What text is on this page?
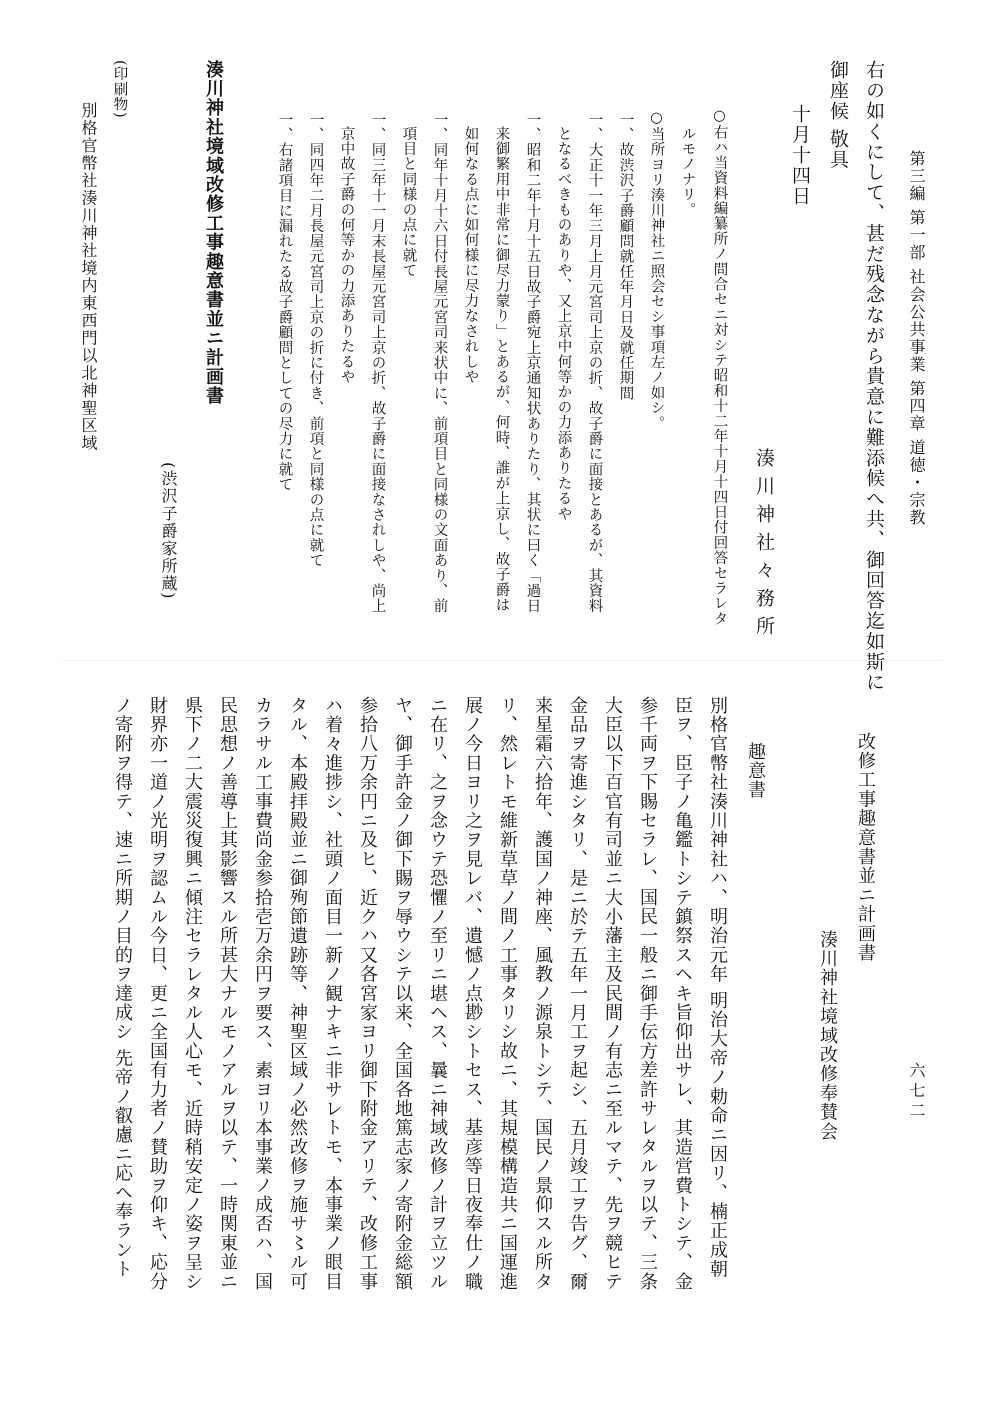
第三編 第一部 社会公共事業 第四章 道徳・宗教
六七二
右の如くにして、甚だ残念ながら貴意に難添候へ共、御回答迄如斯に
御座候 敬具
十月十四日
湊川神社々務所
○右ハ当資料編纂所ノ問合セニ対シテ昭和十二年十月十四日付回答セラレタ
ルモノナリ。
○当所ヨリ湊川神社ニ照会セシ事項左ノ如シ。
一、故渋沢子爵顧問就任年月日及就任期間
一、大正十一年三月上月元宮司上京の折、故子爵に面接とあるが、其資料
となるべきものありや、又上京中何等かの力添ありたるや
一、昭和二年十月十五日故子爵宛上京通知状ありたり、其状に曰く「過日
来御繁用中非常に御尽力蒙り」とあるが、何時、誰が上京し、故子爵は
如何なる点に如何様に尽力なされしや
一、同年十月十六日付長屋元宮司来状中に、前項目と同様の文面あり、前
項目と同様の点に就て
一、同三年十一月末長屋元宮司上京の折、故子爵に面接なされしや、尚上
京中故子爵の何等かの力添ありたるや
一、同四年二月長屋元宮司上京の折に付き、前項と同様の点に就て
一、右諸項目に漏れたる故子爵顧問としての尽力に就て
湊川神社境域改修工事趣意書並ニ計画書
(渋沢子爵家所蔵)
(印刷物)
別格官幣社湊川神社境内東西門以北神聖区域
改修工事趣意書並ニ計画書
湊川神社境域改修奉賛会
趣意書
別格官幣社湊川神社ハ、明治元年 明治大帝ノ勅命ニ因リ、楠正成朝
臣ヲ、臣子ノ亀鑑トシテ鎮祭スヘキ旨仰出サレ、其造営費トシテ、金
参千両ヲ下賜セラレ、国民一般ニ御手伝方差許サレタルヲ以テ、三条
大臣以下百官有司並ニ大小藩主及民間ノ有志ニ至ルマテ、先ヲ競ヒテ
金品ヲ寄進シタリ、是ニ於テ五年一月工ヲ起シ、五月竣工ヲ告グ、爾
来星霜六拾年、護国ノ神座、風教ノ源泉トシテ、国民ノ景仰スル所タ
リ、然レトモ維新草草ノ間ノ工事タリシ故ニ、其規模構造共ニ国運進
展ノ今日ヨリ之ヲ見レバ、遺憾ノ点尠シトセス、基彦等日夜奉仕ノ職
ニ在リ、之ヲ念ウテ恐懼ノ至リニ堪ヘス、曩ニ神域改修ノ計ヲ立ツル
ヤ、御手許金ノ御下賜ヲ辱ウシテ以来、全国各地篤志家ノ寄附金総額
参拾八万余円ニ及ヒ、近クハ又各宮家ヨリ御下附金アリテ、改修工事
ハ着々進捗シ、社頭ノ面目一新ノ観ナキニ非サレトモ、本事業ノ眼目
タル、本殿拝殿並ニ御殉節遺跡等、神聖区域ノ必然改修ヲ施サ〻ル可
カラサル工事費尚金参拾壱万余円ヲ要ス、素ヨリ本事業ノ成否ハ、国
民思想ノ善導上其影響スル所甚大ナルモノアルヲ以テ、一時関東並ニ
県下ノ二大震災復興ニ傾注セラレタル人心モ、近時稍安定ノ姿ヲ呈シ
財界亦一道ノ光明ヲ認ムル今日、更ニ全国有力者ノ賛助ヲ仰キ、応分
ノ寄附ヲ得テ、速ニ所期ノ目的ヲ達成シ 先帝ノ叡慮ニ応ヘ奉ラント
